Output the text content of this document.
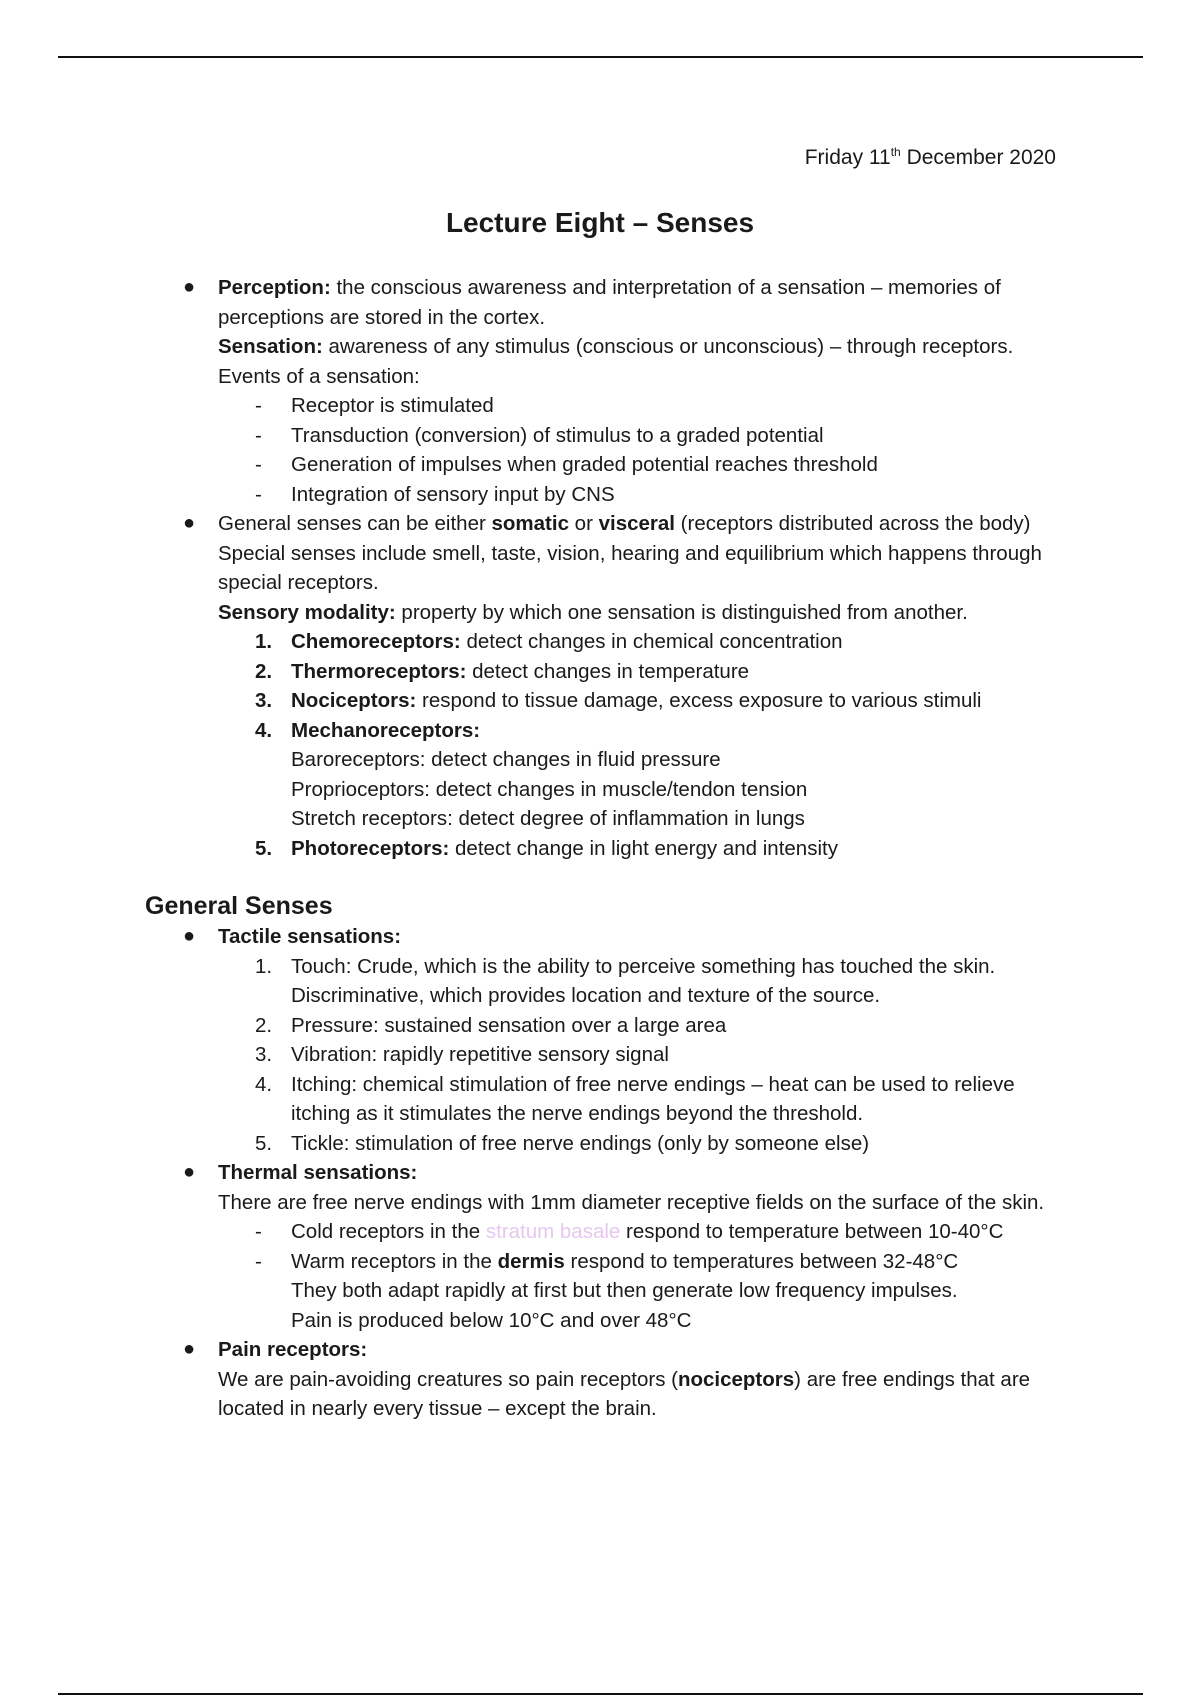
Friday 11th December 2020
Lecture Eight – Senses
● Perception: the conscious awareness and interpretation of a sensation – memories of perceptions are stored in the cortex.
Sensation: awareness of any stimulus (conscious or unconscious) – through receptors.
Events of a sensation:
- Receptor is stimulated
- Transduction (conversion) of stimulus to a graded potential
- Generation of impulses when graded potential reaches threshold
- Integration of sensory input by CNS
● General senses can be either somatic or visceral (receptors distributed across the body)
Special senses include smell, taste, vision, hearing and equilibrium which happens through special receptors.
Sensory modality: property by which one sensation is distinguished from another.
1. Chemoreceptors: detect changes in chemical concentration
2. Thermoreceptors: detect changes in temperature
3. Nociceptors: respond to tissue damage, excess exposure to various stimuli
4. Mechanoreceptors:
Baroreceptors: detect changes in fluid pressure
Proprioceptors: detect changes in muscle/tendon tension
Stretch receptors: detect degree of inflammation in lungs
5. Photoreceptors: detect change in light energy and intensity
General Senses
● Tactile sensations:
1. Touch: Crude, which is the ability to perceive something has touched the skin. Discriminative, which provides location and texture of the source.
2. Pressure: sustained sensation over a large area
3. Vibration: rapidly repetitive sensory signal
4. Itching: chemical stimulation of free nerve endings – heat can be used to relieve itching as it stimulates the nerve endings beyond the threshold.
5. Tickle: stimulation of free nerve endings (only by someone else)
● Thermal sensations:
There are free nerve endings with 1mm diameter receptive fields on the surface of the skin.
- Cold receptors in the stratum basale respond to temperature between 10-40°C
- Warm receptors in the dermis respond to temperatures between 32-48°C
They both adapt rapidly at first but then generate low frequency impulses.
Pain is produced below 10°C and over 48°C
● Pain receptors:
We are pain-avoiding creatures so pain receptors (nociceptors) are free endings that are located in nearly every tissue – except the brain.
